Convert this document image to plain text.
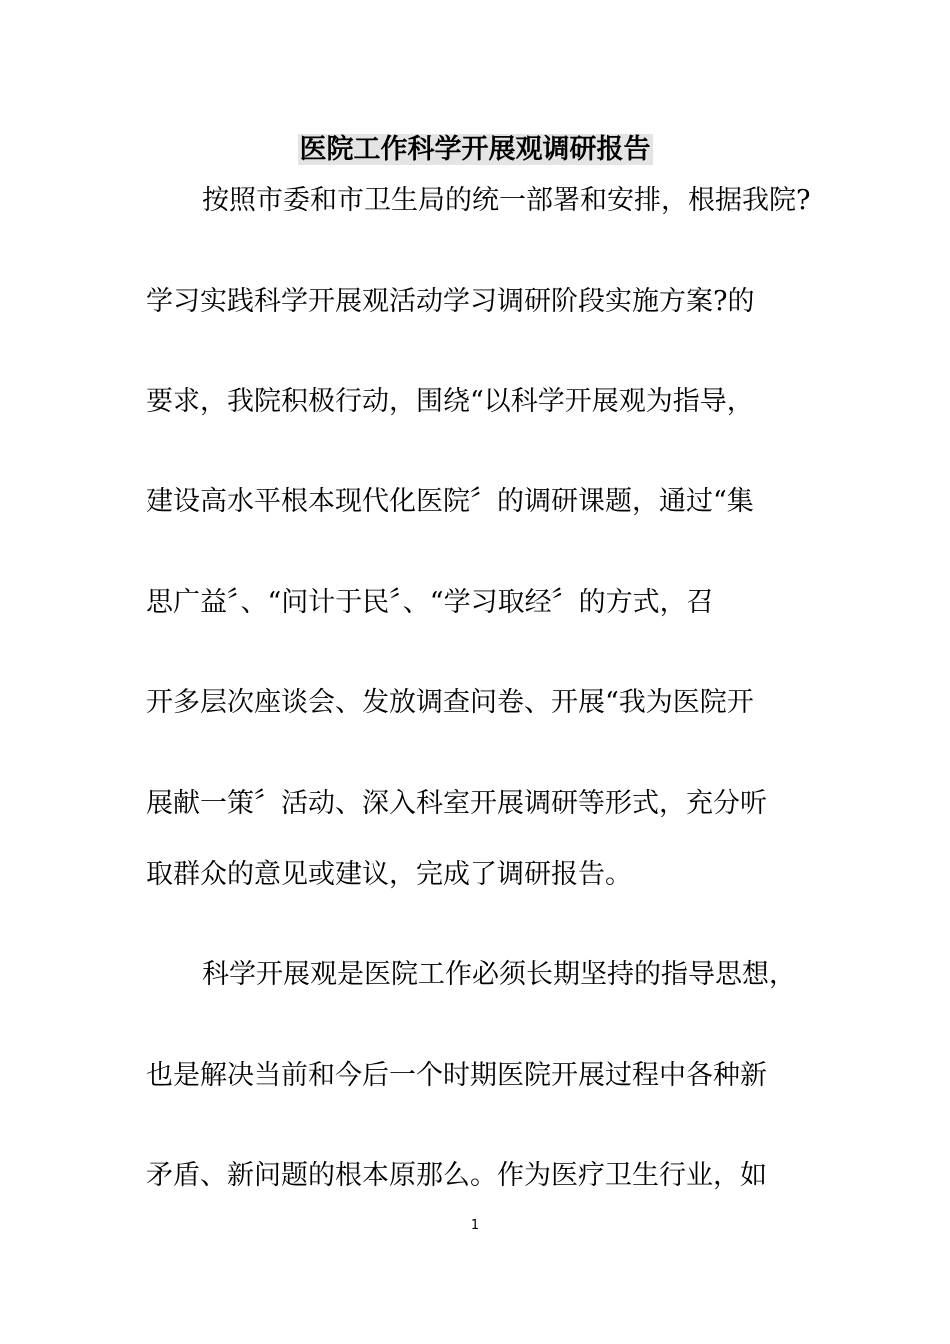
医院工作科学开展观调研报告
按照市委和市卫生局的统一部署和安排，根据我院?
学习实践科学开展观活动学习调研阶段实施方案?的
要求，我院积极行动，围绕“以科学开展观为指导，
建设高水平根本现代化医院〞的调研课题，通过“集
思广益〞、“问计于民〞、“学习取经〞的方式，召
开多层次座谈会、发放调查问卷、开展“我为医院开
展献一策〞活动、深入科室开展调研等形式，充分听
取群众的意见或建议，完成了调研报告。
科学开展观是医院工作必须长期坚持的指导思想，
也是解决当前和今后一个时期医院开展过程中各种新
矛盾、新问题的根本原那么。作为医疗卫生行业，如
1
